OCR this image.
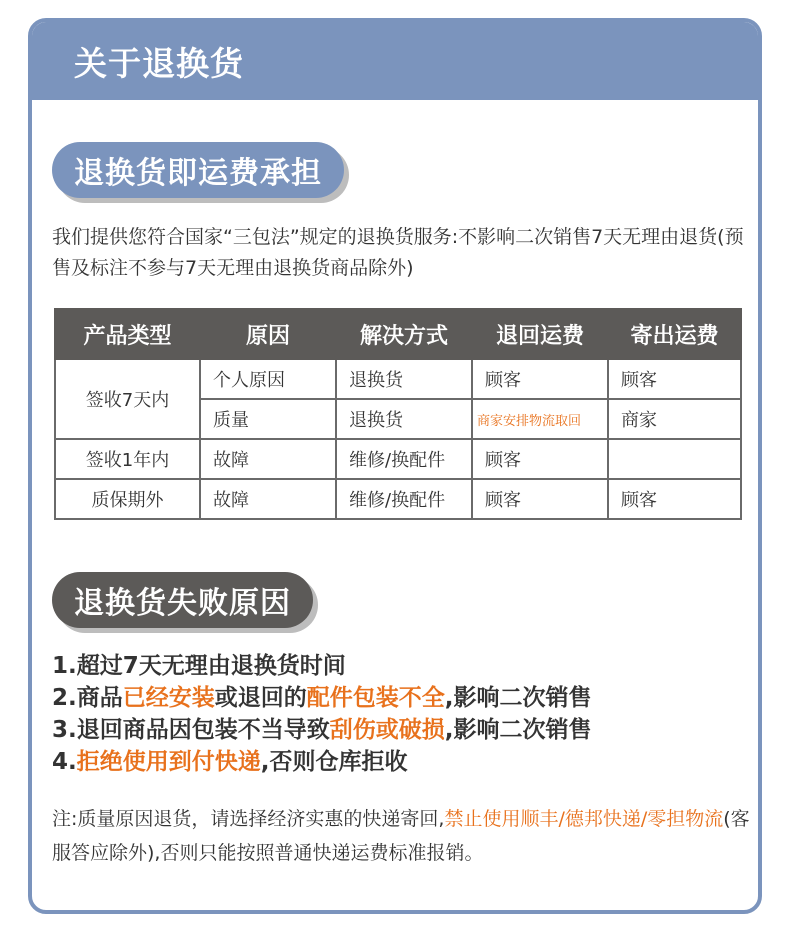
关于退换货
退换货即运费承担
我们提供您符合国家“三包法”规定的退换货服务:不影响二次销售7天无理由退货(预售及标注不参与7天无理由退换货商品除外)
产品类型	原因	解决方式	退回运费	寄出运费
签收7天内	个人原因	退换货	顾客	顾客
	质量	退换货	商家安排物流取回	商家
签收1年内	故障	维修/换配件	顾客	
质保期外	故障	维修/换配件	顾客	顾客
退换货失败原因
1.超过7天无理由退换货时间
2.商品已经安装或退回的配件包装不全,影响二次销售
3.退回商品因包装不当导致刮伤或破损,影响二次销售
4.拒绝使用到付快递,否则仓库拒收
注:质量原因退货，请选择经济实惠的快递寄回,禁止使用顺丰/德邦快递/零担物流(客服答应除外),否则只能按照普通快递运费标准报销。
